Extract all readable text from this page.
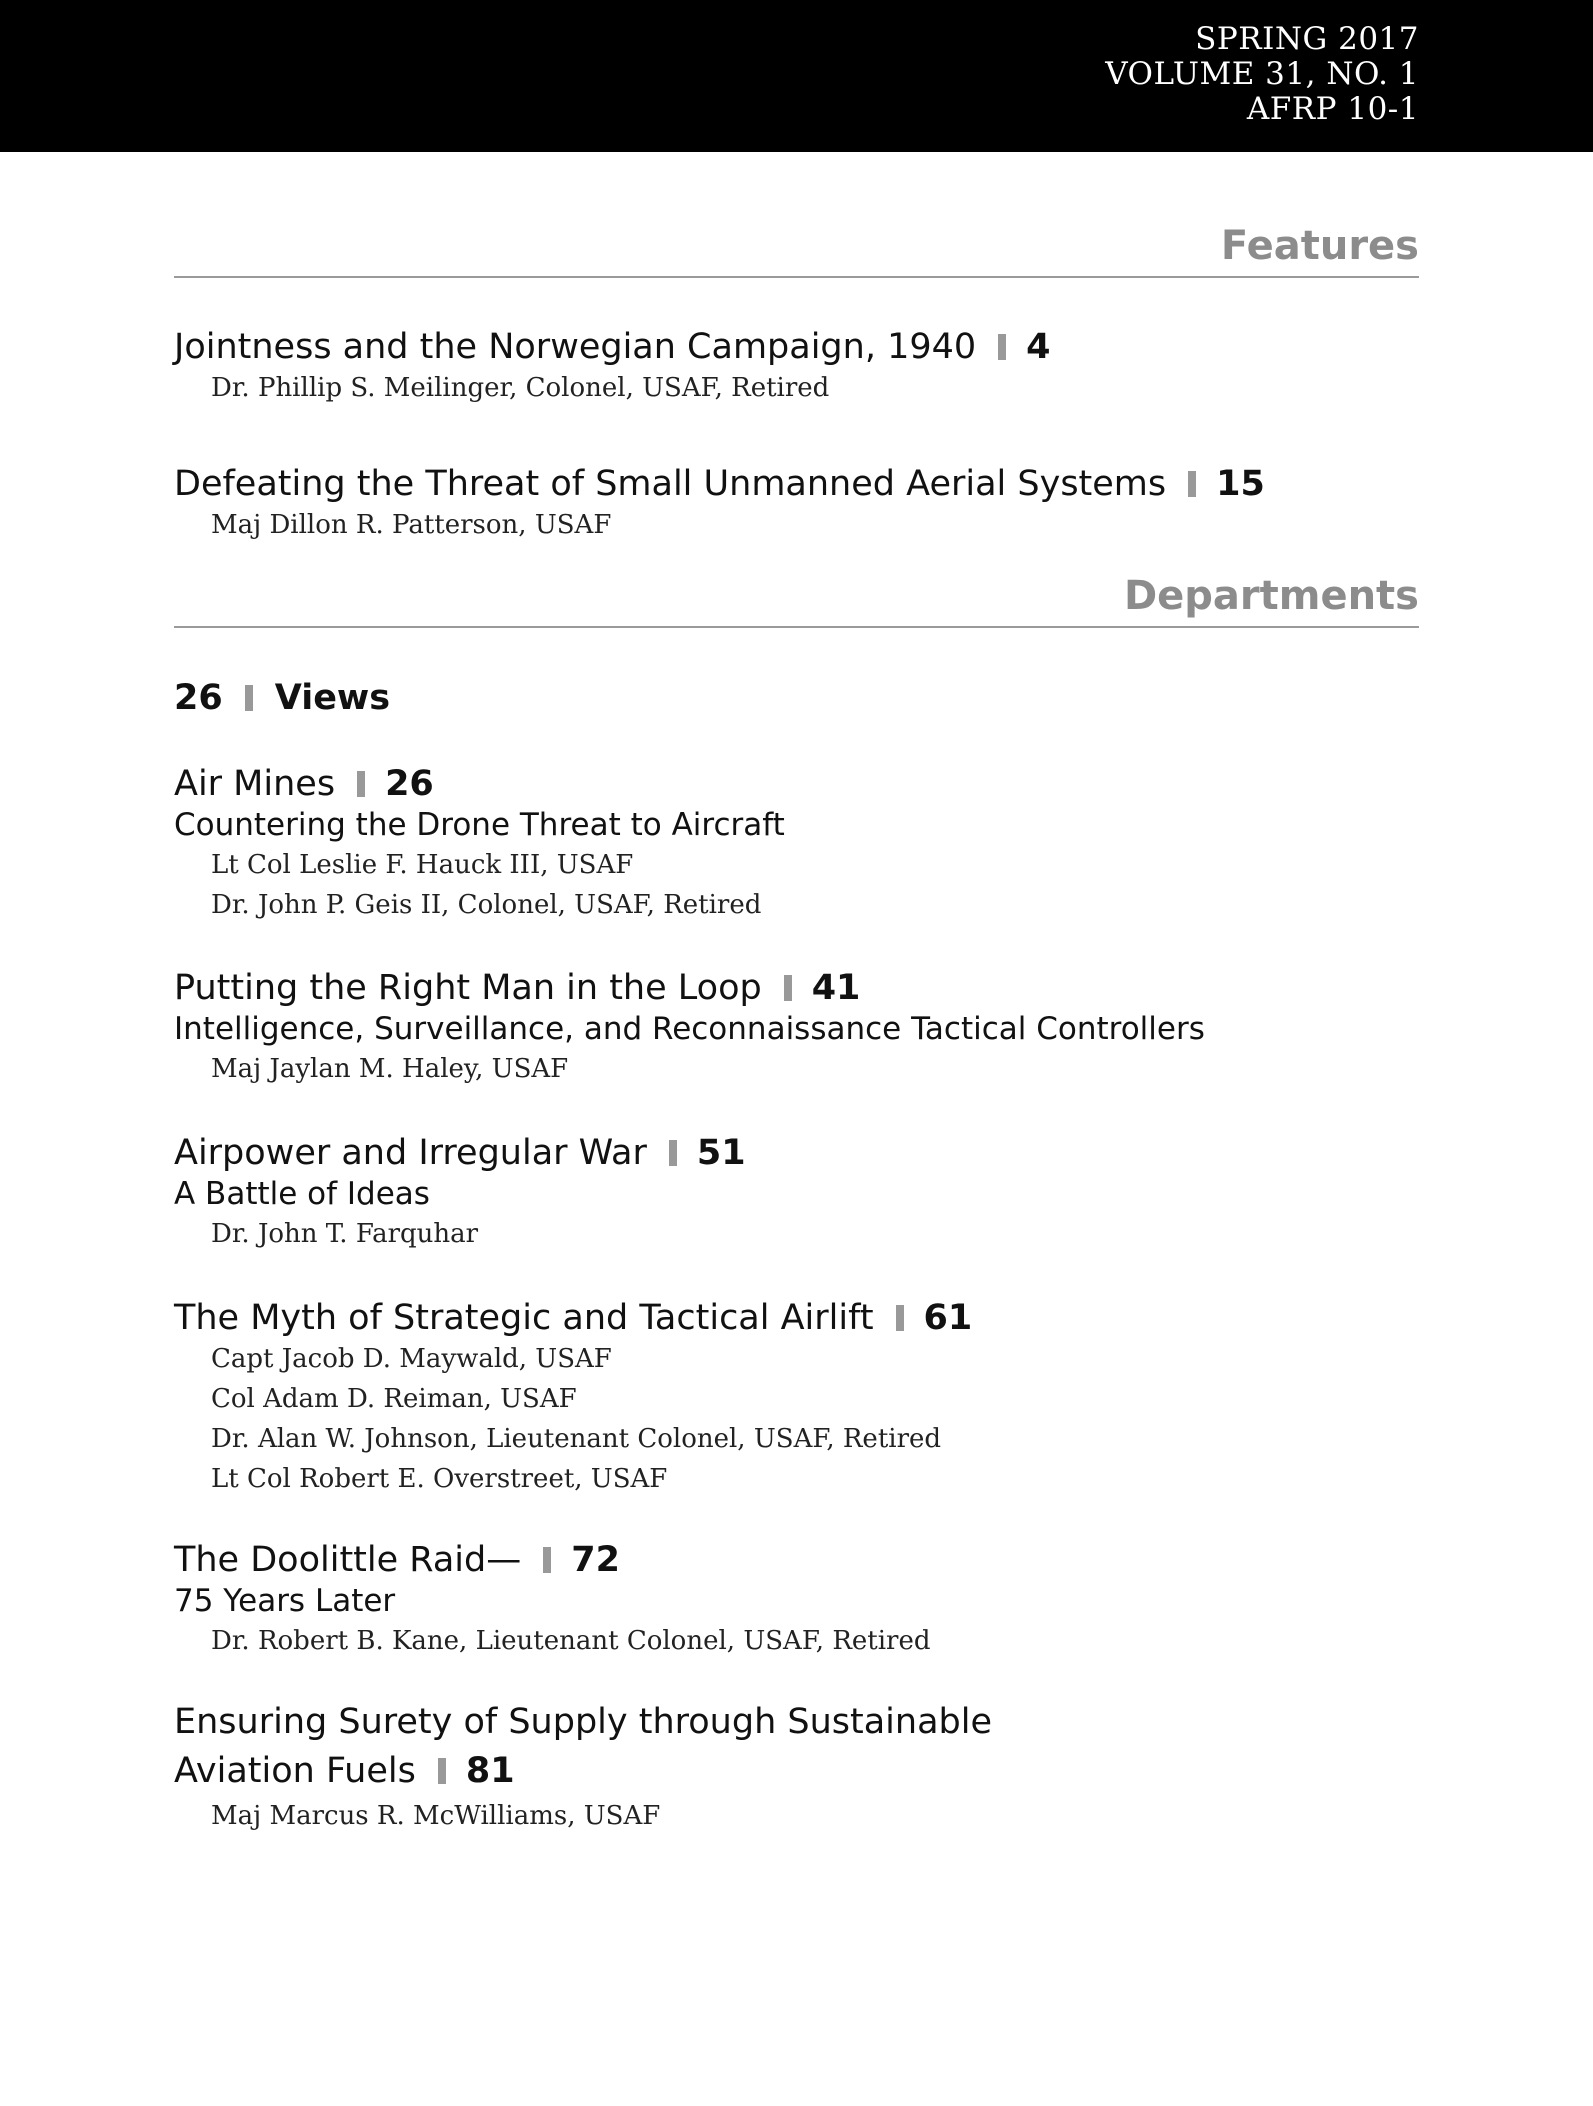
SPRING 2017
VOLUME 31, NO. 1
AFRP 10-1
Features
Jointness and the Norwegian Campaign, 1940 4
Dr. Phillip S. Meilinger, Colonel, USAF, Retired
Defeating the Threat of Small Unmanned Aerial Systems 15
Maj Dillon R. Patterson, USAF
Departments
26 Views
Air Mines 26
Countering the Drone Threat to Aircraft
Lt Col Leslie F. Hauck III, USAF
Dr. John P. Geis II, Colonel, USAF, Retired
Putting the Right Man in the Loop 41
Intelligence, Surveillance, and Reconnaissance Tactical Controllers
Maj Jaylan M. Haley, USAF
Airpower and Irregular War 51
A Battle of Ideas
Dr. John T. Farquhar
The Myth of Strategic and Tactical Airlift 61
Capt Jacob D. Maywald, USAF
Col Adam D. Reiman, USAF
Dr. Alan W. Johnson, Lieutenant Colonel, USAF, Retired
Lt Col Robert E. Overstreet, USAF
The Doolittle Raid— 72
75 Years Later
Dr. Robert B. Kane, Lieutenant Colonel, USAF, Retired
Ensuring Surety of Supply through Sustainable
Aviation Fuels 81
Maj Marcus R. McWilliams, USAF
